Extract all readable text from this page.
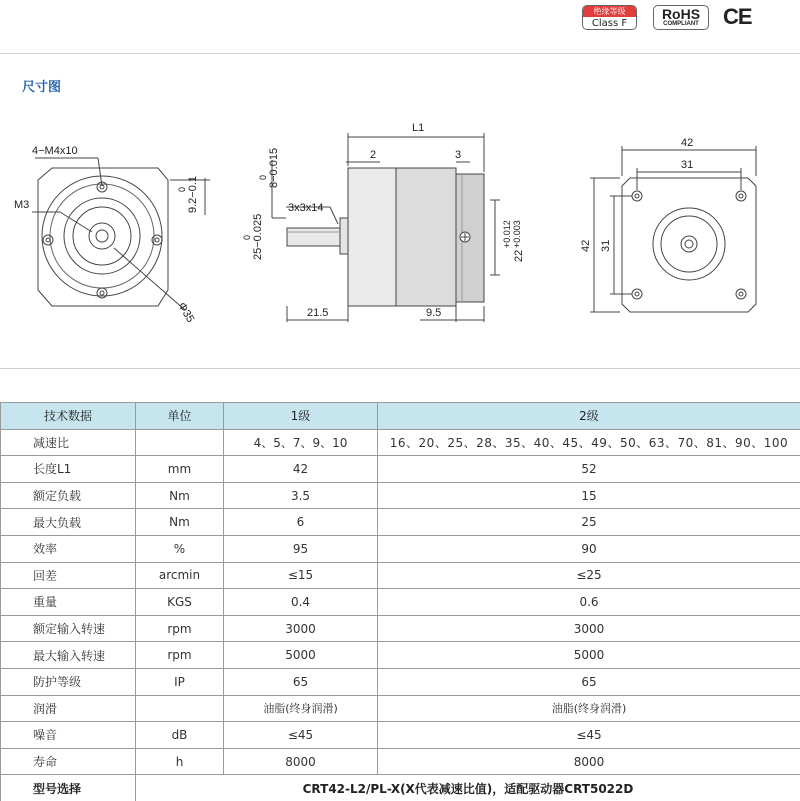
绝缘等级
Class F
RoHS
COMPLIANT CE
尺寸图
4−M4x10
M3	9.2−0.1
0
Φ35
L1
2	3
3x3x14
8−0.015
0
25−0.025
0
22
+0.012 +0.003
21.5	9.5
42
31
42 31
技术数据	单位	1级	2级
减速比		4、5、7、9、10	16、20、25、28、35、40、45、49、50、63、70、81、90、100
长度L1	mm	42	52
额定负载	Nm	3.5	15
最大负载	Nm	6	25
效率	%	95	90
回差	arcmin	≤15	≤25
重量	KGS	0.4	0.6
额定输入转速	rpm	3000	3000
最大输入转速	rpm	5000	5000
防护等级	IP	65	65
润滑		油脂(终身润滑)	油脂(终身润滑)
噪音	dB	≤45	≤45
寿命	h	8000	8000
型号选择	CRT42-L2/PL-X(X代表减速比值)，适配驱动器CRT5022D		
